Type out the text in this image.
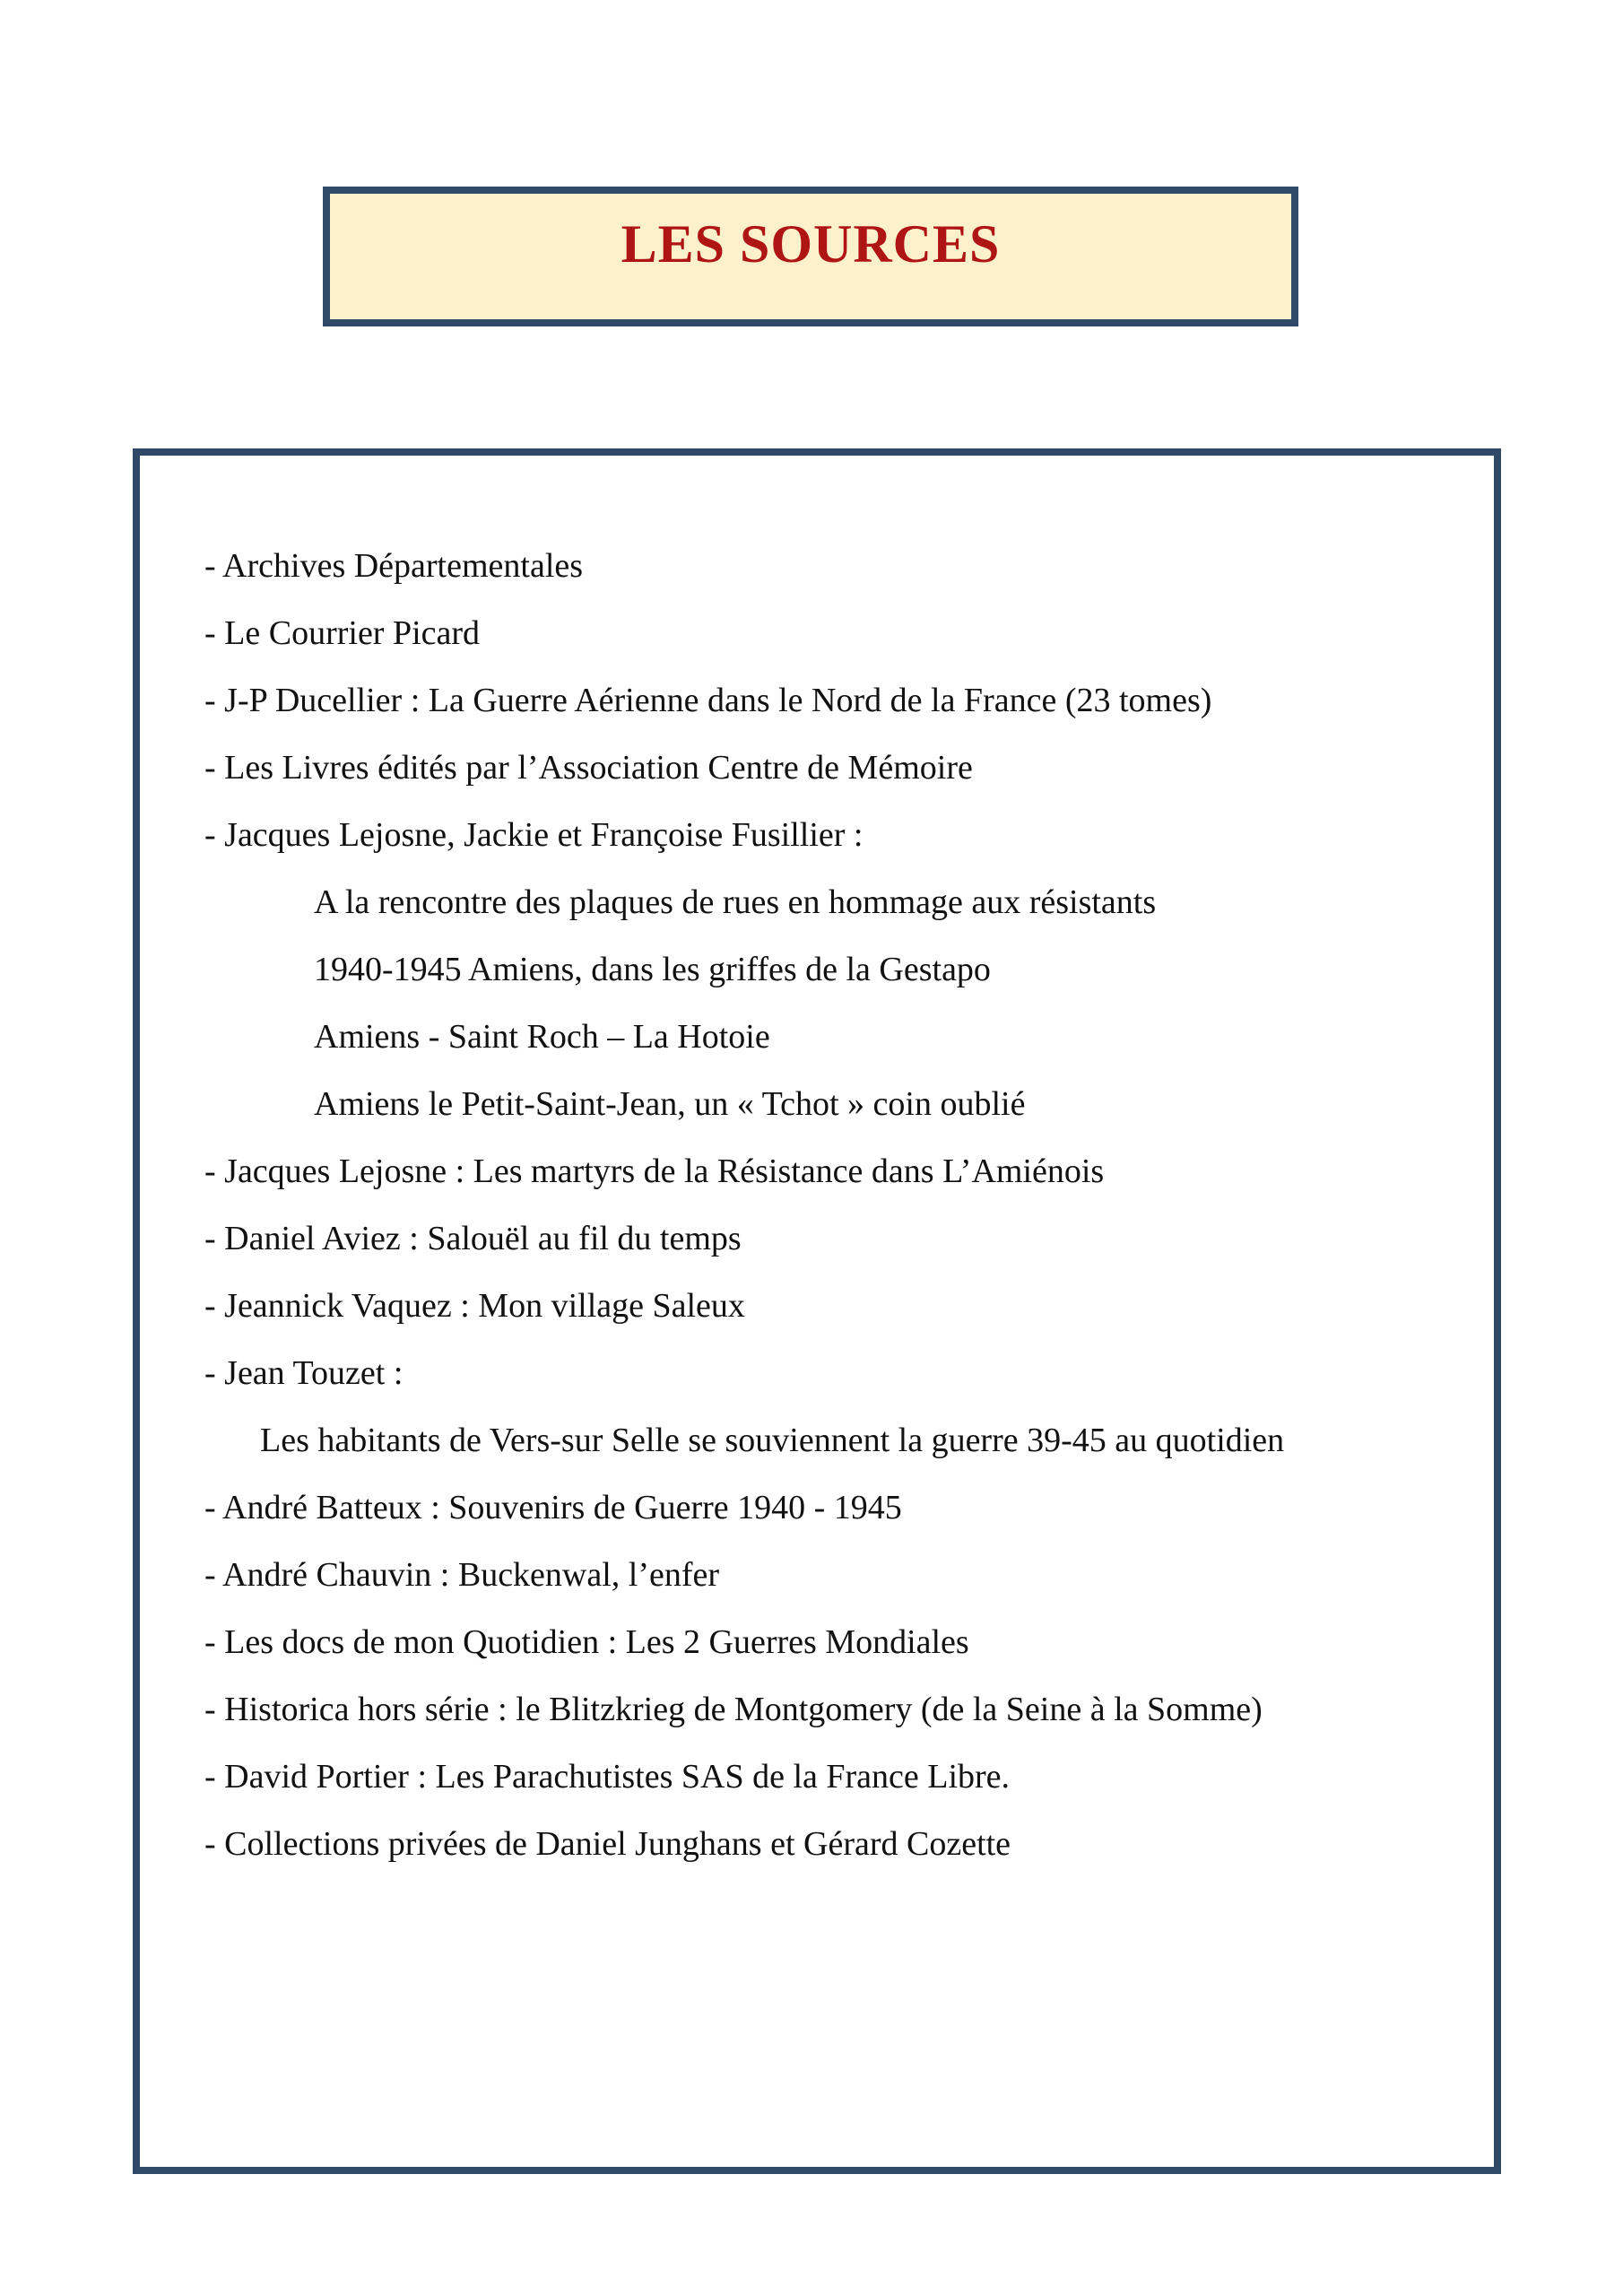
LES SOURCES
- Archives Départementales
- Le Courrier Picard
- J-P Ducellier : La Guerre Aérienne dans le Nord de la France (23 tomes)
- Les Livres édités par l’Association Centre de Mémoire
- Jacques Lejosne, Jackie et Françoise Fusillier :
A la rencontre des plaques de rues en hommage aux résistants
1940-1945 Amiens, dans les griffes de la Gestapo
Amiens - Saint Roch – La Hotoie
Amiens le Petit-Saint-Jean, un « Tchot » coin oublié
- Jacques Lejosne : Les martyrs de la Résistance dans L’Amiénois
- Daniel Aviez : Salouël au fil du temps
- Jeannick Vaquez : Mon village Saleux
- Jean Touzet :
Les habitants de Vers-sur Selle se souviennent la guerre 39-45 au quotidien
- André Batteux : Souvenirs de Guerre 1940 - 1945
- André Chauvin : Buckenwal, l’enfer
- Les docs de mon Quotidien : Les 2 Guerres Mondiales
- Historica hors série : le Blitzkrieg de Montgomery (de la Seine à la Somme)
- David Portier : Les Parachutistes SAS de la France Libre.
- Collections privées de Daniel Junghans et Gérard Cozette
